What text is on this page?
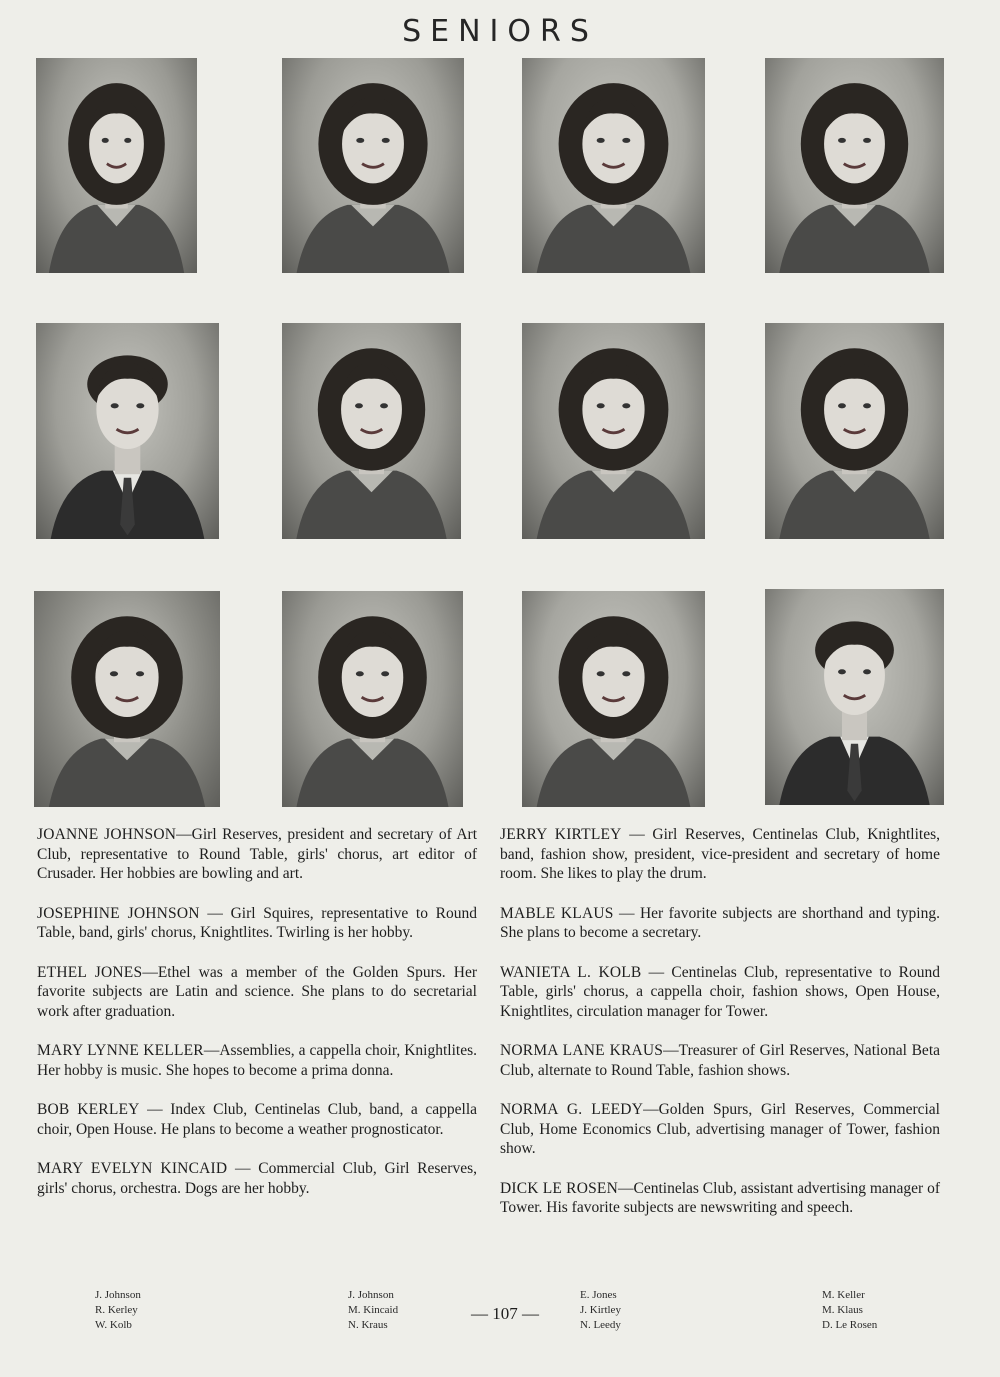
SENIORS

JOANNE JOHNSON—Girl Reserves, president and secretary of Art Club, representative to Round Table, girls' chorus, art editor of Crusader. Her hobbies are bowling and art.

JOSEPHINE JOHNSON — Girl Squires, representative to Round Table, band, girls' chorus, Knightlites. Twirling is her hobby.

ETHEL JONES—Ethel was a member of the Golden Spurs. Her favorite subjects are Latin and science. She plans to do secretarial work after graduation.

MARY LYNNE KELLER—Assemblies, a cappella choir, Knightlites. Her hobby is music. She hopes to become a prima donna.

BOB KERLEY — Index Club, Centinelas Club, band, a cappella choir, Open House. He plans to become a weather prognosticator.

MARY EVELYN KINCAID — Commercial Club, Girl Reserves, girls' chorus, orchestra. Dogs are her hobby.

JERRY KIRTLEY — Girl Reserves, Centinelas Club, Knightlites, band, fashion show, president, vice-president and secretary of home room. She likes to play the drum.

MABLE KLAUS — Her favorite subjects are shorthand and typing. She plans to become a secretary.

WANIETA L. KOLB — Centinelas Club, representative to Round Table, girls' chorus, a cappella choir, fashion shows, Open House, Knightlites, circulation manager for Tower.

NORMA LANE KRAUS—Treasurer of Girl Reserves, National Beta Club, alternate to Round Table, fashion shows.

NORMA G. LEEDY—Golden Spurs, Girl Reserves, Commercial Club, Home Economics Club, advertising manager of Tower, fashion show.

DICK LE ROSEN—Centinelas Club, assistant advertising manager of Tower. His favorite subjects are newswriting and speech.

J. Johnson
R. Kerley
W. Kolb
J. Johnson
M. Kincaid
N. Kraus
E. Jones
J. Kirtley
N. Leedy
M. Keller
M. Klaus
D. Le Rosen
— 107 —
